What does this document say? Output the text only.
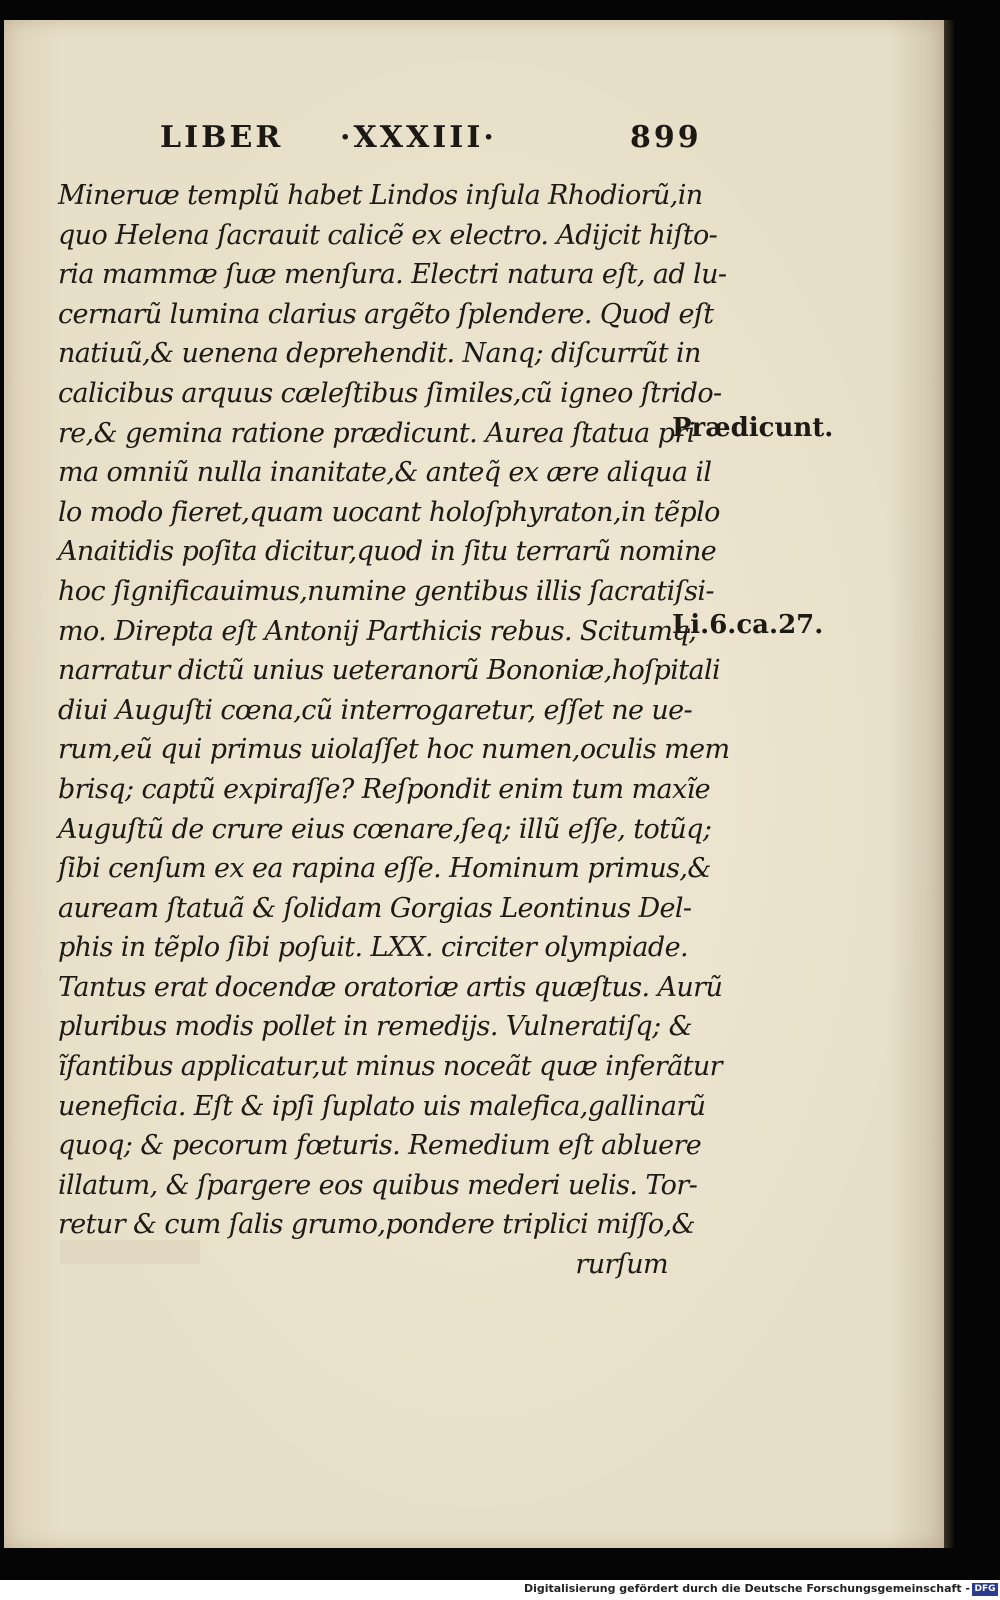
LIBER ·XXXIII·	899
Mineruæ templũ habet Lindos inſula Rhodiorũ,in
quo Helena ſacrauit calicẽ ex electro. Adijcit hiſto-
ria mammæ ſuæ menſura. Electri natura eſt, ad lu-
cernarũ lumina clarius argẽto ſplendere. Quod eſt
natiuũ,& uenena deprehendit. Nanq; diſcurrũt in
calicibus arquus cæleſtibus ſimiles,cũ igneo ſtrido-
re,& gemina ratione prædicunt. Aurea ſtatua pri
ma omniũ nulla inanitate,& anteq̃ ex ære aliqua il
lo modo fieret,quam uocant holoſphyraton,in tẽplo
Anaitidis poſita dicitur,quod in ſitu terrarũ nomine
hoc ſignificauimus,numine gentibus illis ſacratiſsi-
mo. Direpta eſt Antonij Parthicis rebus. Scitumq;
narratur dictũ unius ueteranorũ Bononiæ,hoſpitali
diui Auguſti cœna,cũ interrogaretur, eſſet ne ue-
rum,eũ qui primus uiolaſſet hoc numen,oculis mem
brisq; captũ expiraſſe? Reſpondit enim tum maxĩe
Auguſtũ de crure eius cœnare,ſeq; illũ eſſe, totũq;
ſibi cenſum ex ea rapina eſſe. Hominum primus,&
auream ſtatuã & ſolidam Gorgias Leontinus Del-
phis in tẽplo ſibi poſuit. LXX. circiter olympiade.
Tantus erat docendæ oratoriæ artis quæſtus. Aurũ
pluribus modis pollet in remedijs. Vulneratiſq; &
ĩfantibus applicatur,ut minus noceãt quæ inferãtur
ueneficia. Eſt & ipſi ſuplato uis malefica,gallinarũ
quoq; & pecorum fœturis. Remedium eſt abluere
illatum, & ſpargere eos quibus mederi uelis. Tor-
retur & cum ſalis grumo,pondere triplici miſſo,&
rurſum
Prædicunt.
Li.6.ca.27.
Digitalisierung gefördert durch die Deutsche Forschungsgemeinschaft - DFG
